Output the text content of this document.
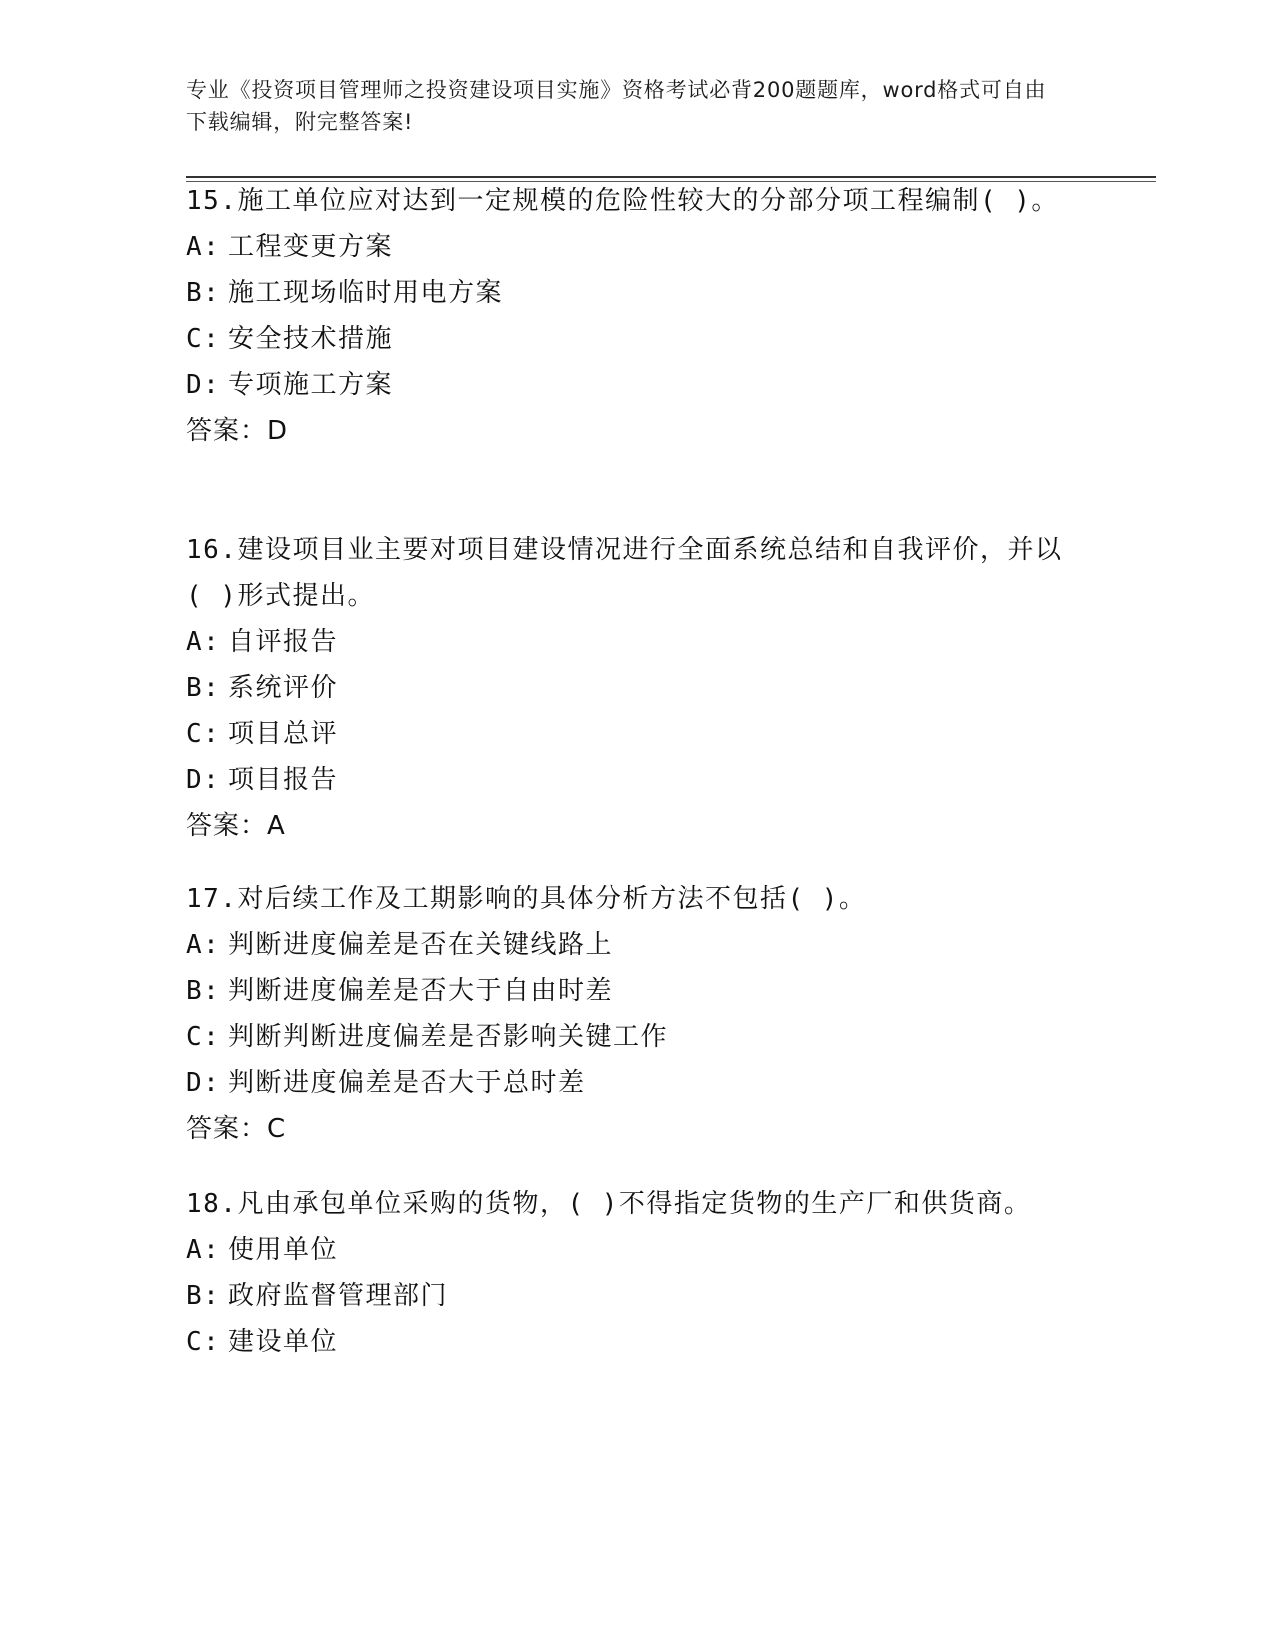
专业《投资项目管理师之投资建设项目实施》资格考试必背200题题库，word格式可自由下载编辑，附完整答案!

15.施工单位应对达到一定规模的危险性较大的分部分项工程编制( )。

A: 工程变更方案

B: 施工现场临时用电方案

C: 安全技术措施

D: 专项施工方案

答案：D

16.建设项目业主要对项目建设情况进行全面系统总结和自我评价，并以( )形式提出。

A: 自评报告

B: 系统评价

C: 项目总评

D: 项目报告

答案：A

17.对后续工作及工期影响的具体分析方法不包括( )。

A: 判断进度偏差是否在关键线路上

B: 判断进度偏差是否大于自由时差

C: 判断判断进度偏差是否影响关键工作

D: 判断进度偏差是否大于总时差

答案：C

18.凡由承包单位采购的货物，( )不得指定货物的生产厂和供货商。

A: 使用单位

B: 政府监督管理部门

C: 建设单位
